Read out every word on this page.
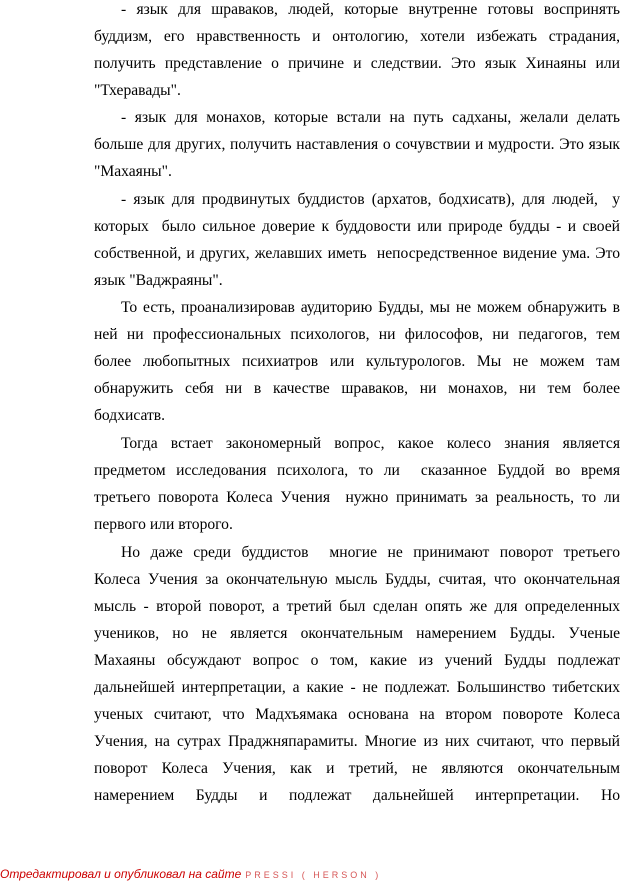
- язык для шраваков, людей, которые внутренне готовы воспринять
буддизм, его нравственность и онтологию, хотели избежать страдания,
получить представление о причине и следствии. Это язык Хинаяны или
"Тхеравады".
- язык для монахов, которые встали на путь садханы, желали делать
больше для других, получить наставления о сочувствии и мудрости. Это язык
"Махаяны".
- язык для продвинутых буддистов (архатов, бодхисатв), для людей,  у
которых  было сильное доверие к буддовости или природе будды - и своей
собственной, и других, желавших иметь  непосредственное видение ума. Это
язык "Ваджраяны".
То есть, проанализировав аудиторию Будды, мы не можем обнаружить в
ней ни профессиональных психологов, ни философов, ни педагогов, тем
более любопытных психиатров или культурологов. Мы не можем там
обнаружить себя ни в качестве шраваков, ни монахов, ни тем более
бодхисатв.
Тогда встает закономерный вопрос, какое колесо знания является
предметом исследования психолога, то ли  сказанное Буддой во время
третьего поворота Колеса Учения  нужно принимать за реальность, то ли
первого или второго.
Но даже среди буддистов  многие не принимают поворот третьего
Колеса Учения за окончательную мысль Будды, считая, что окончательная
мысль - второй поворот, а третий был сделан опять же для определенных
учеников, но не является окончательным намерением Будды. Ученые
Махаяны обсуждают вопрос о том, какие из учений Будды подлежат
дальнейшей интерпретации, а какие - не подлежат. Большинство тибетских
ученых считают, что Мадхъямака основана на втором повороте Колеса
Учения, на сутрах Праджняпарамиты. Многие из них считают, что первый
поворот Колеса Учения, как и третий, не являются окончательным
намерением Будды и подлежат дальнейшей интерпретации. Но
Отредактировал и опубликовал на сайте PRESSI ( HERSON )
